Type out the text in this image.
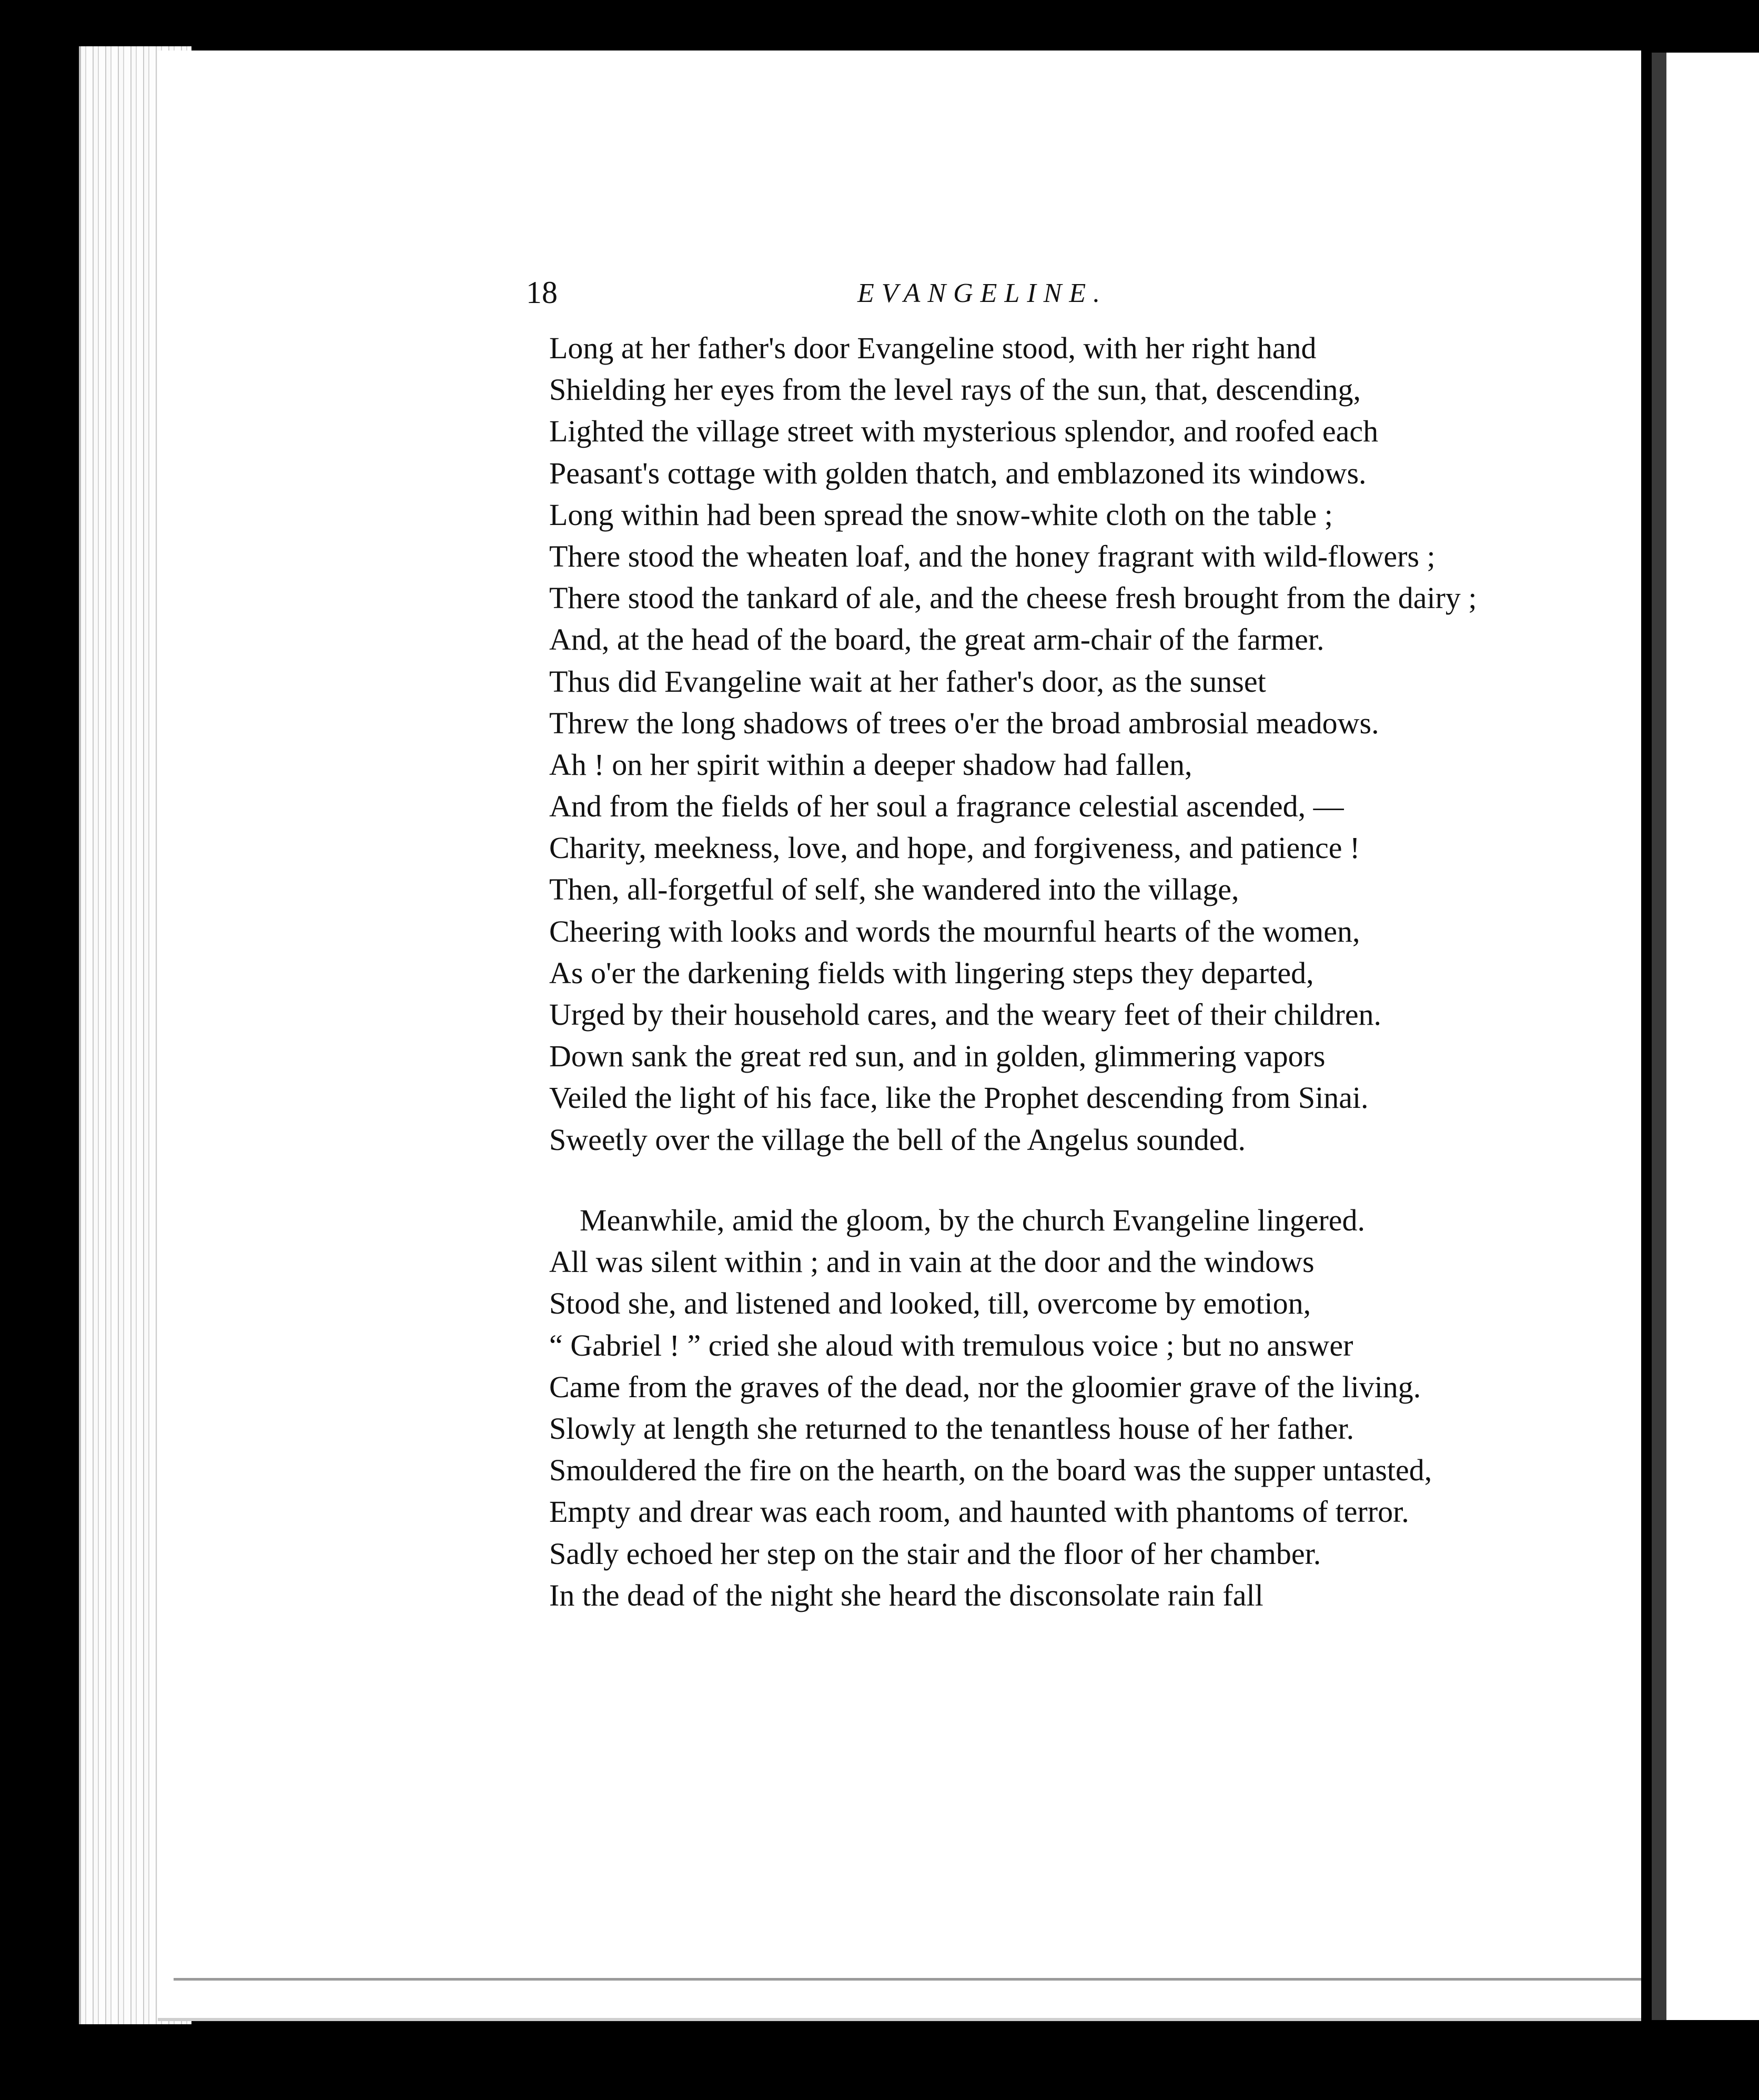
18	EVANGELINE.
Long at her father's door Evangeline stood, with her right hand
Shielding her eyes from the level rays of the sun, that, descending,
Lighted the village street with mysterious splendor, and roofed each
Peasant's cottage with golden thatch, and emblazoned its windows.
Long within had been spread the snow-white cloth on the table ;
There stood the wheaten loaf, and the honey fragrant with wild-flowers ;
There stood the tankard of ale, and the cheese fresh brought from the dairy ;
And, at the head of the board, the great arm-chair of the farmer.
Thus did Evangeline wait at her father's door, as the sunset
Threw the long shadows of trees o'er the broad ambrosial meadows.
Ah ! on her spirit within a deeper shadow had fallen,
And from the fields of her soul a fragrance celestial ascended, —
Charity, meekness, love, and hope, and forgiveness, and patience !
Then, all-forgetful of self, she wandered into the village,
Cheering with looks and words the mournful hearts of the women,
As o'er the darkening fields with lingering steps they departed,
Urged by their household cares, and the weary feet of their children.
Down sank the great red sun, and in golden, glimmering vapors
Veiled the light of his face, like the Prophet descending from Sinai.
Sweetly over the village the bell of the Angelus sounded.
Meanwhile, amid the gloom, by the church Evangeline lingered.
All was silent within ; and in vain at the door and the windows
Stood she, and listened and looked, till, overcome by emotion,
“ Gabriel ! ” cried she aloud with tremulous voice ; but no answer
Came from the graves of the dead, nor the gloomier grave of the living.
Slowly at length she returned to the tenantless house of her father.
Smouldered the fire on the hearth, on the board was the supper untasted,
Empty and drear was each room, and haunted with phantoms of terror.
Sadly echoed her step on the stair and the floor of her chamber.
In the dead of the night she heard the disconsolate rain fall
